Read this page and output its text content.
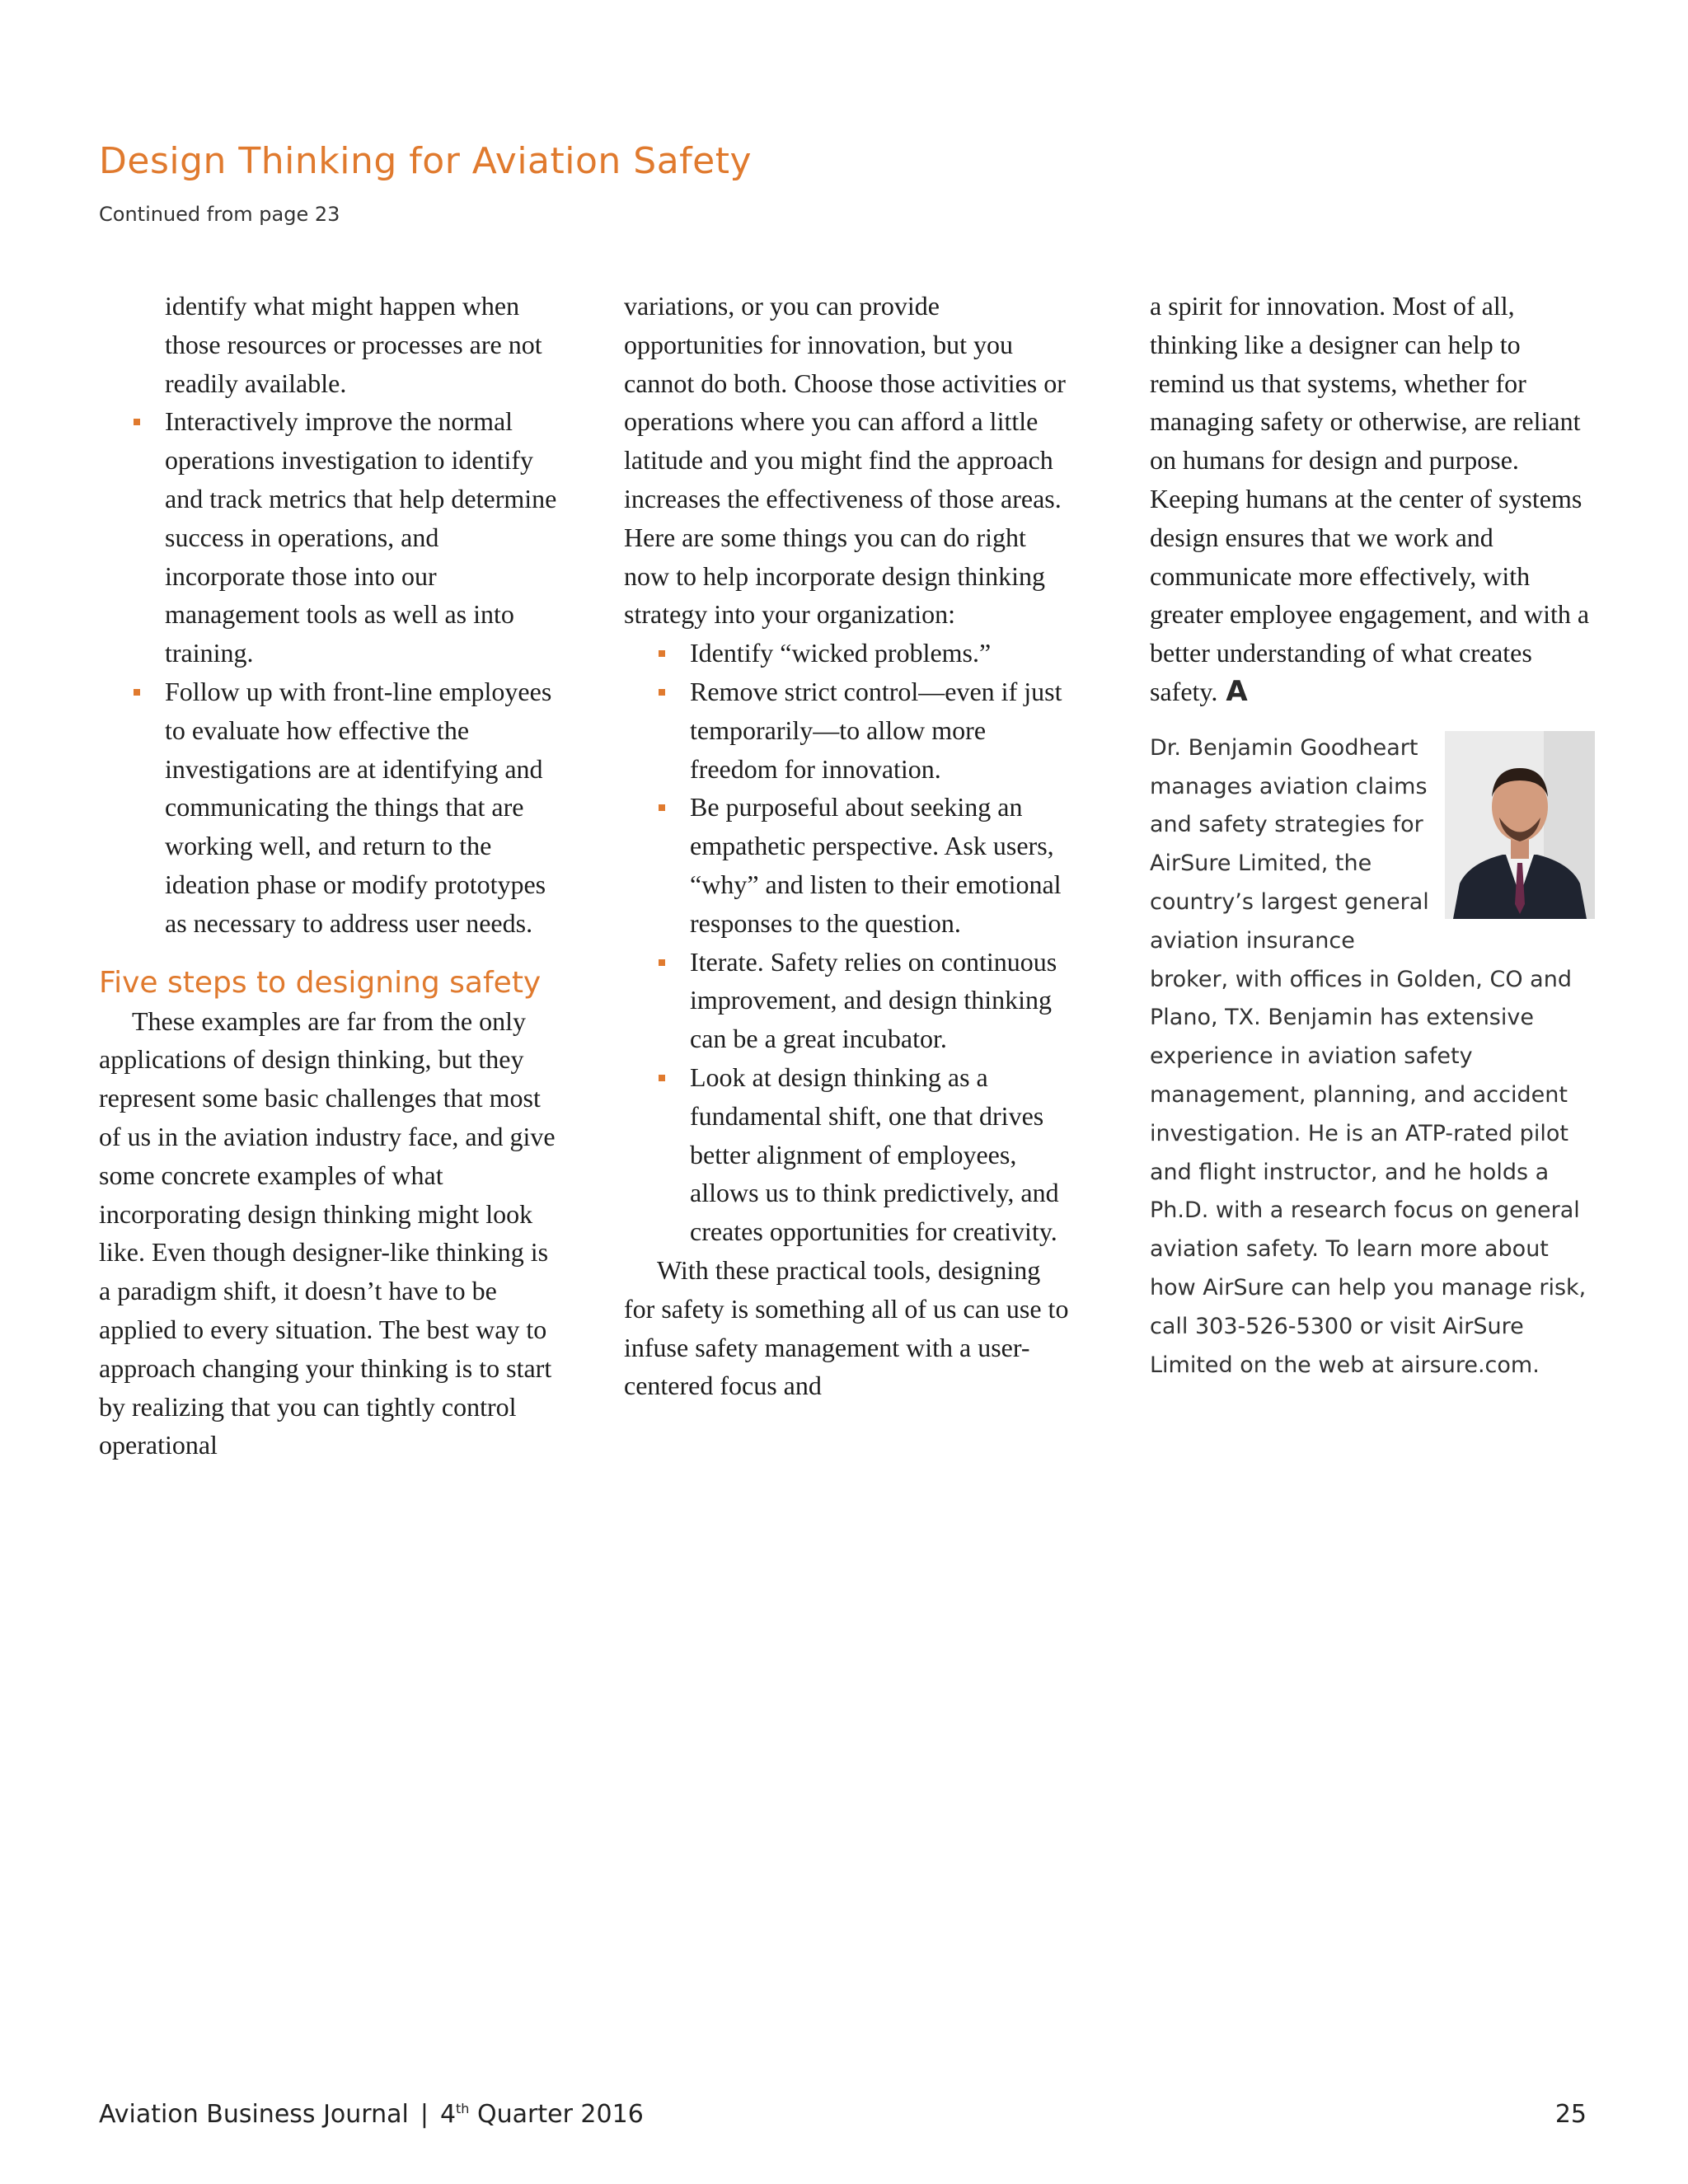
Design Thinking for Aviation Safety
Continued from page 23

identify what might happen when those resources or processes are not readily available.

Interactively improve the normal operations investigation to identify and track metrics that help determine success in operations, and incorporate those into our management tools as well as into training.
Follow up with front-line employees to evaluate how effective the investigations are at identifying and communicating the things that are working well, and return to the ideation phase or modify prototypes as necessary to address user needs.
Five steps to designing safety

These examples are far from the only applications of design thinking, but they represent some basic challenges that most of us in the aviation industry face, and give some concrete examples of what incorporating design thinking might look like. Even though designer-like thinking is a paradigm shift, it doesn’t have to be applied to every situation. The best way to approach changing your thinking is to start by realizing that you can tightly control operational

variations, or you can provide opportunities for innovation, but you cannot do both. Choose those activities or operations where you can afford a little latitude and you might find the approach increases the effectiveness of those areas. Here are some things you can do right now to help incorporate design thinking strategy into your organization:

Identify “wicked problems.”
Remove strict control—even if just temporarily—to allow more freedom for innovation.
Be purposeful about seeking an empathetic perspective. Ask users, “why” and listen to their emotional responses to the question.
Iterate. Safety relies on continuous improvement, and design thinking can be a great incubator.
Look at design thinking as a fundamental shift, one that drives better alignment of employees, allows us to think predictively, and creates opportunities for creativity.

With these practical tools, designing for safety is something all of us can use to infuse safety management with a user-centered focus and

a spirit for innovation. Most of all, thinking like a designer can help to remind us that systems, whether for managing safety or otherwise, are reliant on humans for design and purpose. Keeping humans at the center of systems design ensures that we work and communicate more effectively, with greater employee engagement, and with a better understanding of what creates safety. A

Dr. Benjamin Goodheart manages aviation claims and safety strategies for AirSure Limited, the country’s largest general aviation insurance broker, with offices in Golden, CO and Plano, TX. Benjamin has extensive experience in aviation safety management, planning, and accident investigation. He is an ATP-rated pilot and flight instructor, and he holds a Ph.D. with a research focus on general aviation safety. To learn more about how AirSure can help you manage risk, call 303-526-5300 or visit AirSure Limited on the web at airsure.com.

Aviation Business Journal | 4th Quarter 2016	25
